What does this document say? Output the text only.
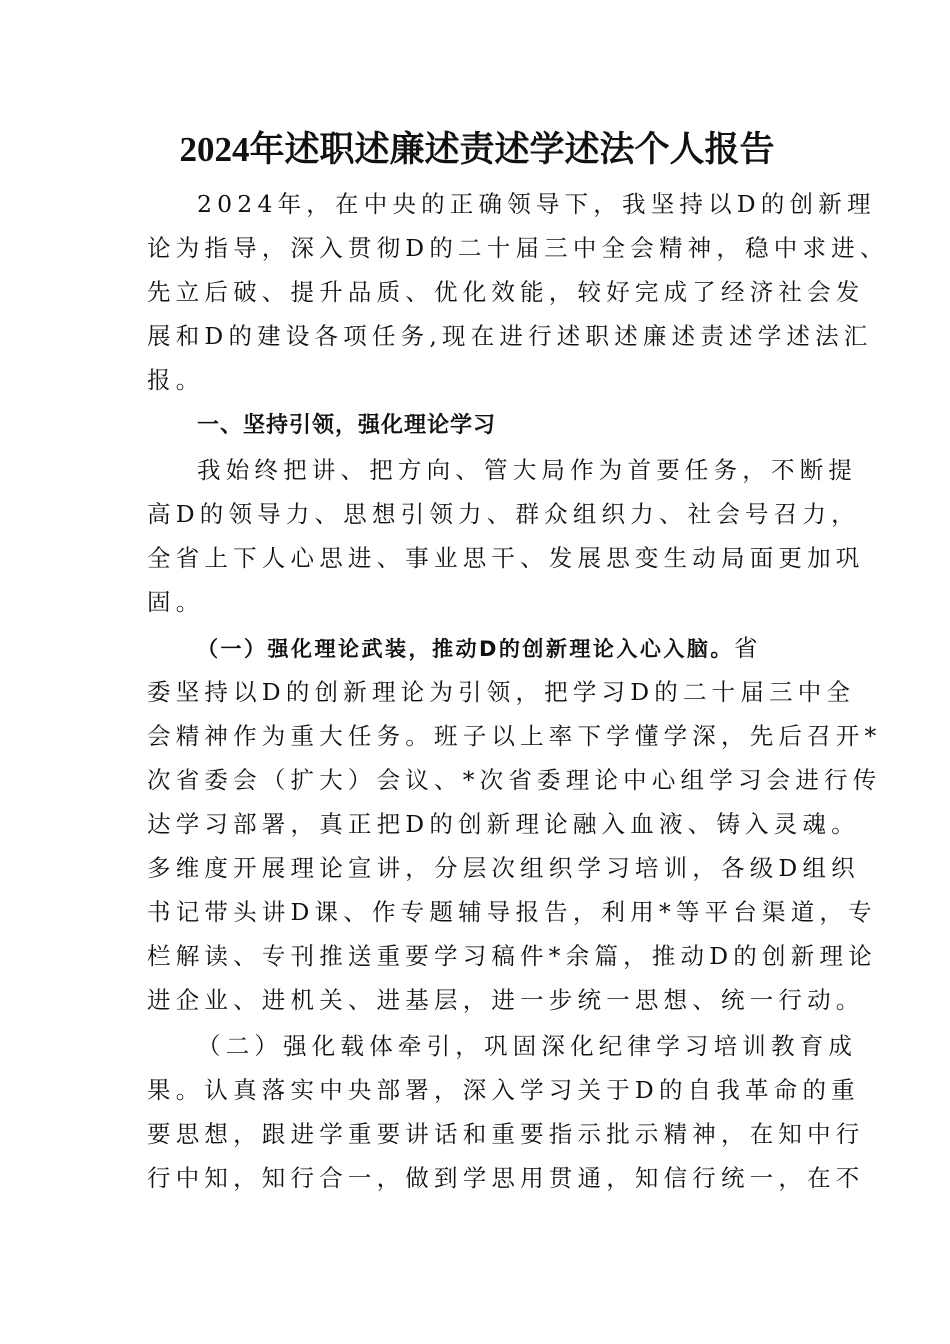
2024年述职述廉述责述学述法个人报告
2024年，在中央的正确领导下，我坚持以D的创新理
论为指导，深入贯彻D的二十届三中全会精神，稳中求进、
先立后破、提升品质、优化效能，较好完成了经济社会发
展和D的建设各项任务,现在进行述职述廉述责述学述法汇
报。
一、坚持引领，强化理论学习
我始终把讲、把方向、管大局作为首要任务，不断提
高D的领导力、思想引领力、群众组织力、社会号召力，
全省上下人心思进、事业思干、发展思变生动局面更加巩
固。
（一）强化理论武装，推动D的创新理论入心入脑。省
委坚持以D的创新理论为引领，把学习D的二十届三中全
会精神作为重大任务。班子以上率下学懂学深，先后召开*
次省委会（扩大）会议、*次省委理论中心组学习会进行传
达学习部署，真正把D的创新理论融入血液、铸入灵魂。
多维度开展理论宣讲，分层次组织学习培训，各级D组织
书记带头讲D课、作专题辅导报告，利用*等平台渠道，专
栏解读、专刊推送重要学习稿件*余篇，推动D的创新理论
进企业、进机关、进基层，进一步统一思想、统一行动。
（二）强化载体牵引，巩固深化纪律学习培训教育成
果。认真落实中央部署，深入学习关于D的自我革命的重
要思想，跟进学重要讲话和重要指示批示精神，在知中行
行中知，知行合一，做到学思用贯通，知信行统一，在不
